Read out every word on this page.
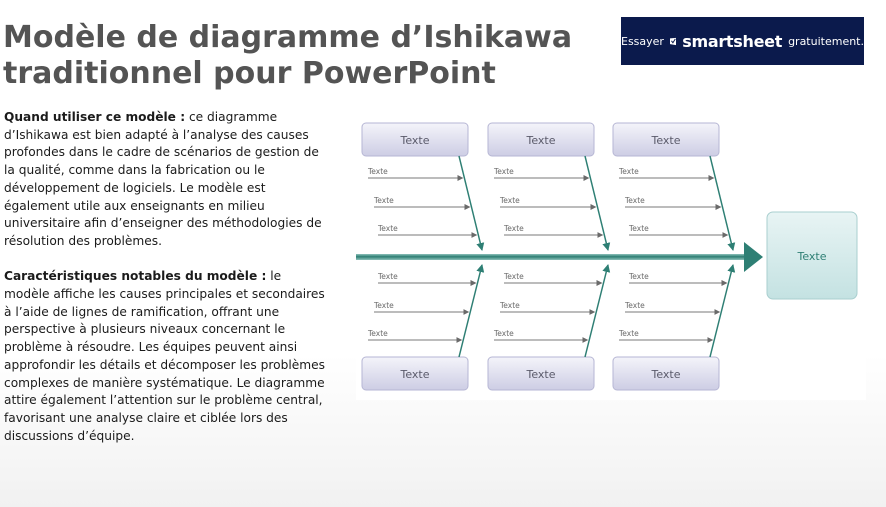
Modèle de diagramme d’Ishikawa traditionnel pour PowerPoint
Essayer smartsheet gratuitement.

Quand utiliser ce modèle : ce diagramme d’Ishikawa est bien adapté à l’analyse des causes profondes dans le cadre de scénarios de gestion de la qualité, comme dans la fabrication ou le développement de logiciels. Le modèle est également utile aux enseignants en milieu universitaire afin d’enseigner des méthodologies de résolution des problèmes.

Caractéristiques notables du modèle : le modèle affiche les causes principales et secondaires à l’aide de lignes de ramification, offrant une perspective à plusieurs niveaux concernant le problème à résoudre. Les équipes peuvent ainsi approfondir les détails et décomposer les problèmes complexes de manière systématique. Le diagramme attire également l’attention sur le problème central, favorisant une analyse claire et ciblée lors des discussions d’équipe.

Texte
Texte
Texte
Texte
Texte
Texte
Texte
Texte
Texte
Texte
Texte
Texte
Texte
Texte
Texte
Texte
Texte
Texte
Texte
Texte
Texte
Texte
Texte
Texte
Texte
